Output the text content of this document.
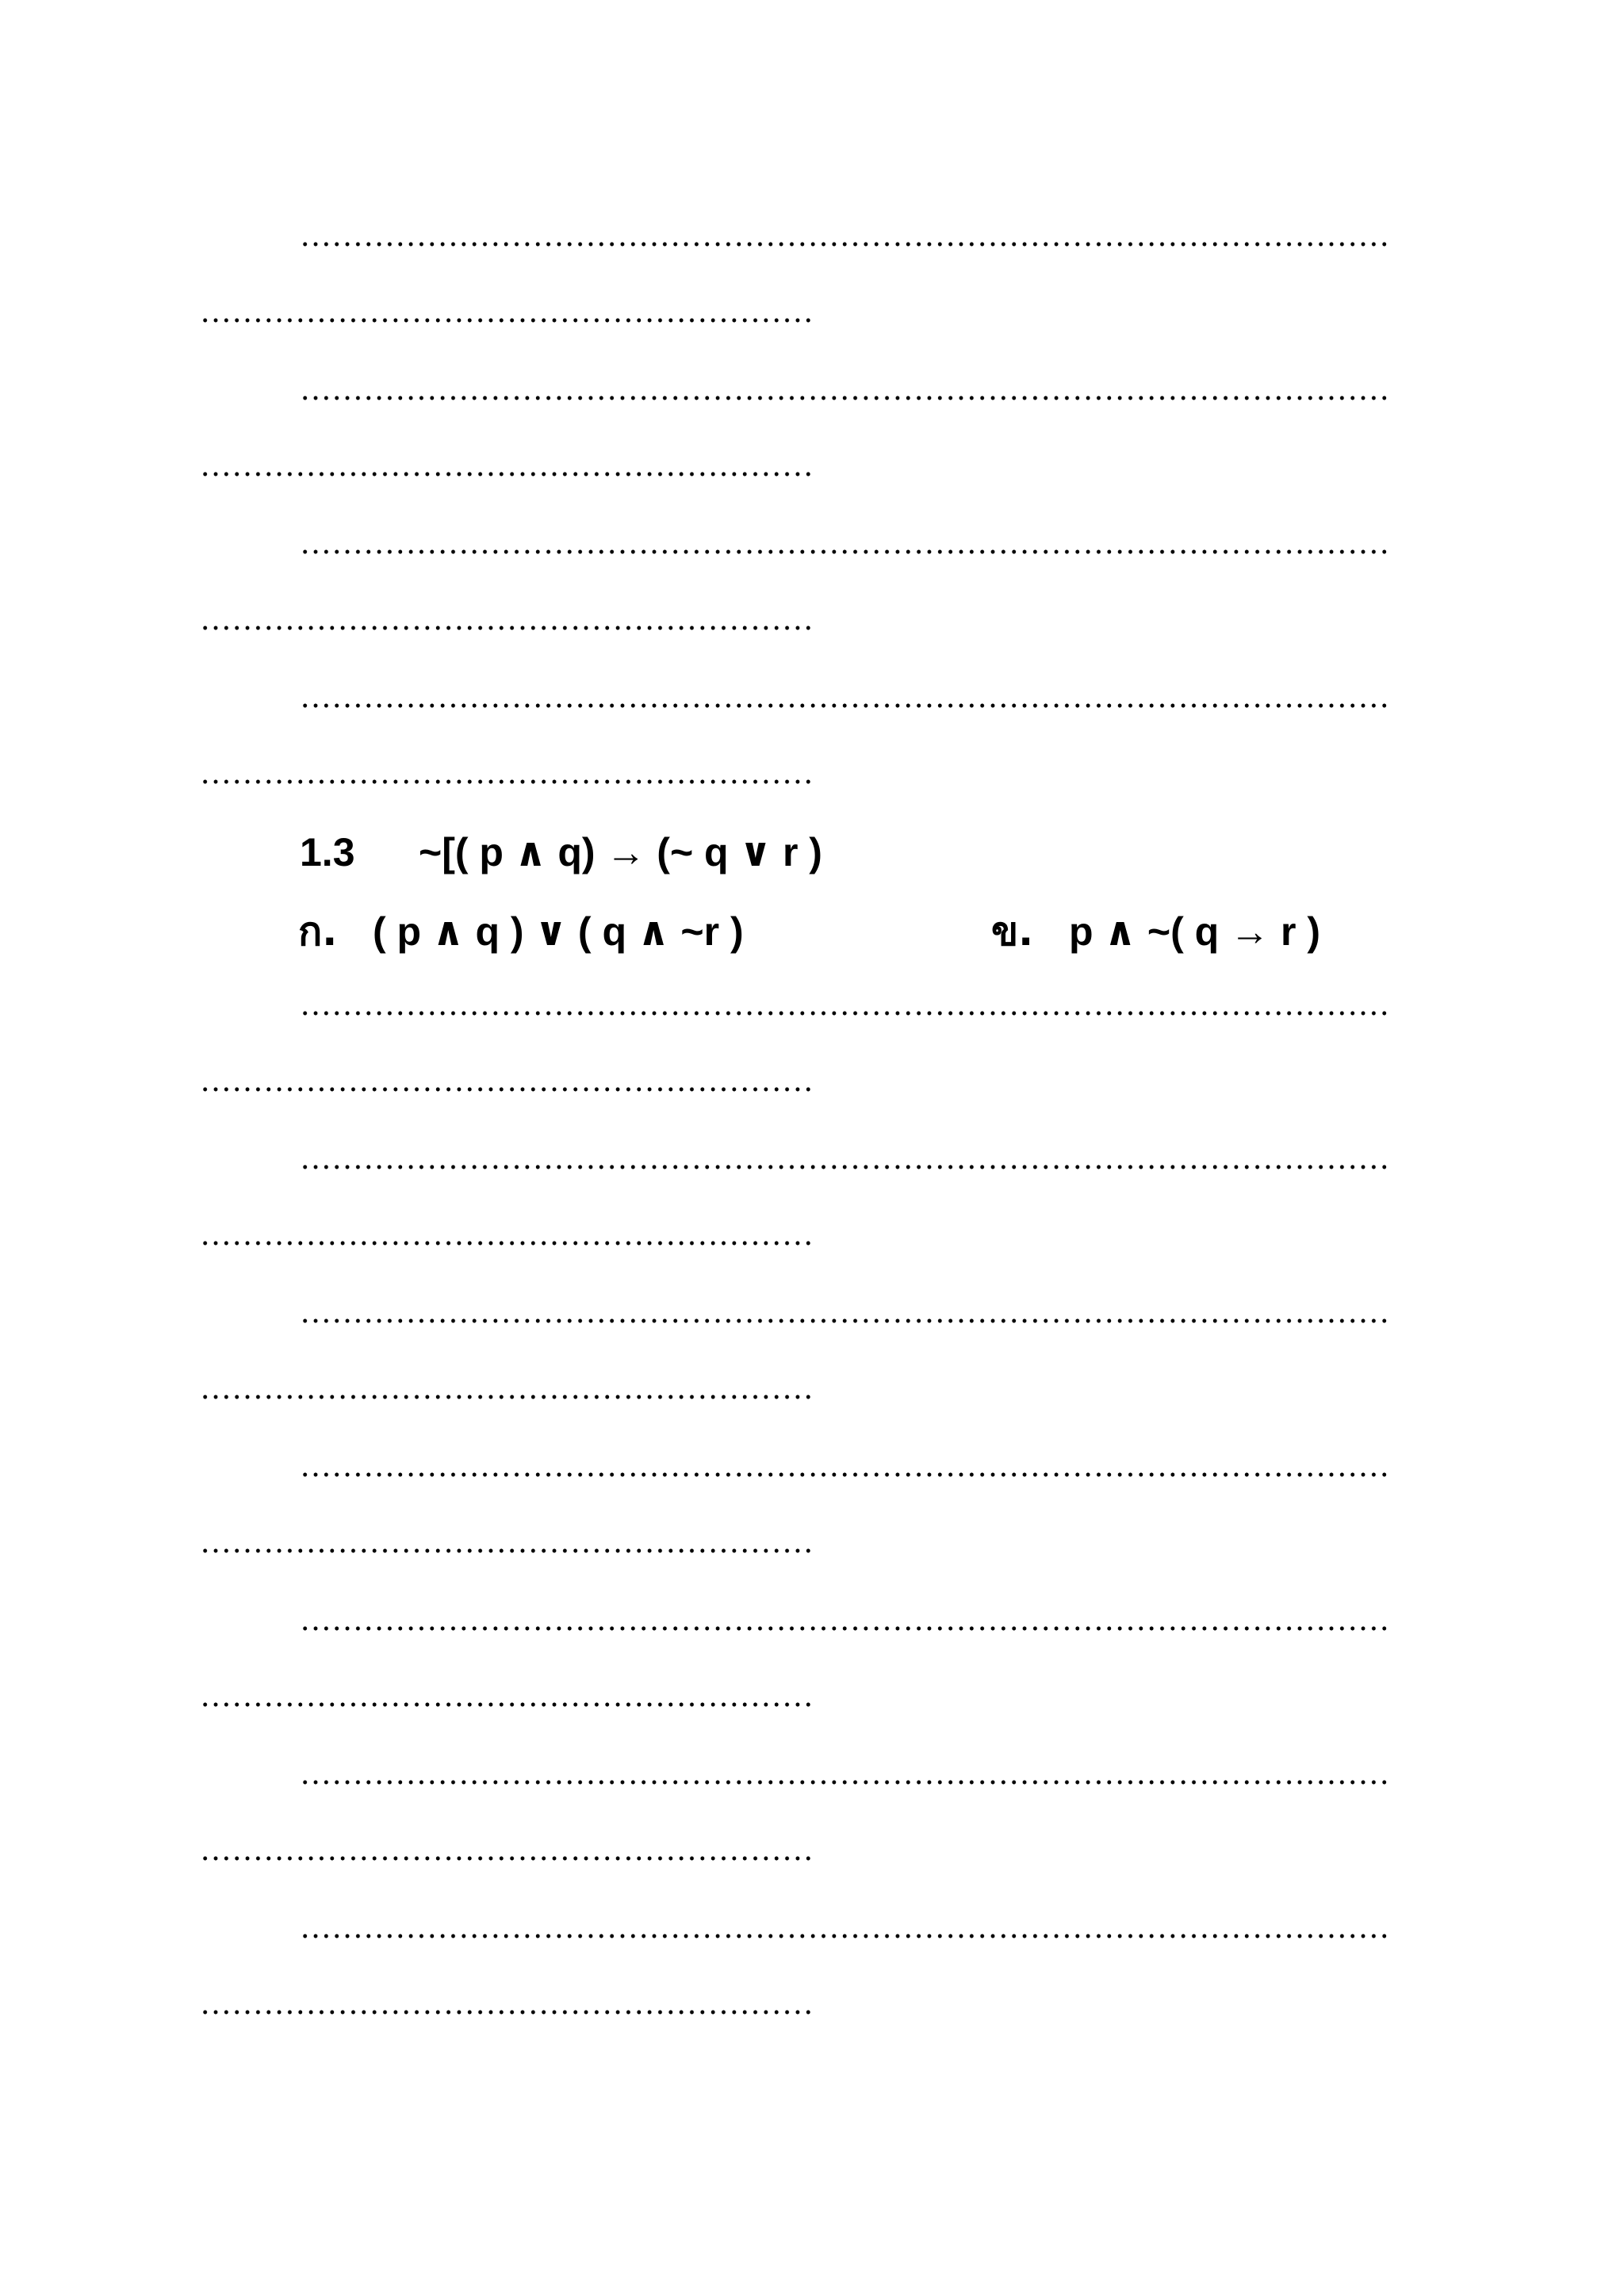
1.3 ~[( p ∧ q) → (~ q ∨ r )
ก. ( p ∧ q ) ∨ ( q ∧ ~r )	ข. p ∧ ~( q → r )
